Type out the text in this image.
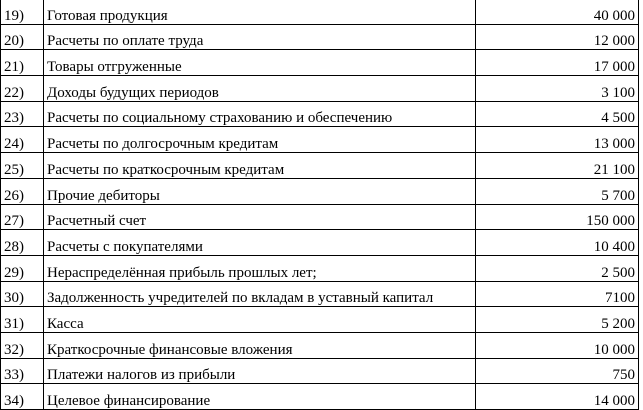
19)	Готовая продукция	40 000
20)	Расчеты по оплате труда	12 000
21)	Товары отгруженные	17 000
22)	Доходы будущих периодов	3 100
23)	Расчеты по социальному страхованию и обеспечению	4 500
24)	Расчеты по долгосрочным кредитам	13 000
25)	Расчеты по краткосрочным кредитам	21 100
26)	Прочие дебиторы	5 700
27)	Расчетный счет	150 000
28)	Расчеты с покупателями	10 400
29)	Нераспределённая прибыль прошлых лет;	2 500
30)	Задолженность учредителей по вкладам в уставный капитал	7100
31)	Касса	5 200
32)	Краткосрочные финансовые вложения	10 000
33)	Платежи налогов из прибыли	750
34)	Целевое финансирование	14 000
